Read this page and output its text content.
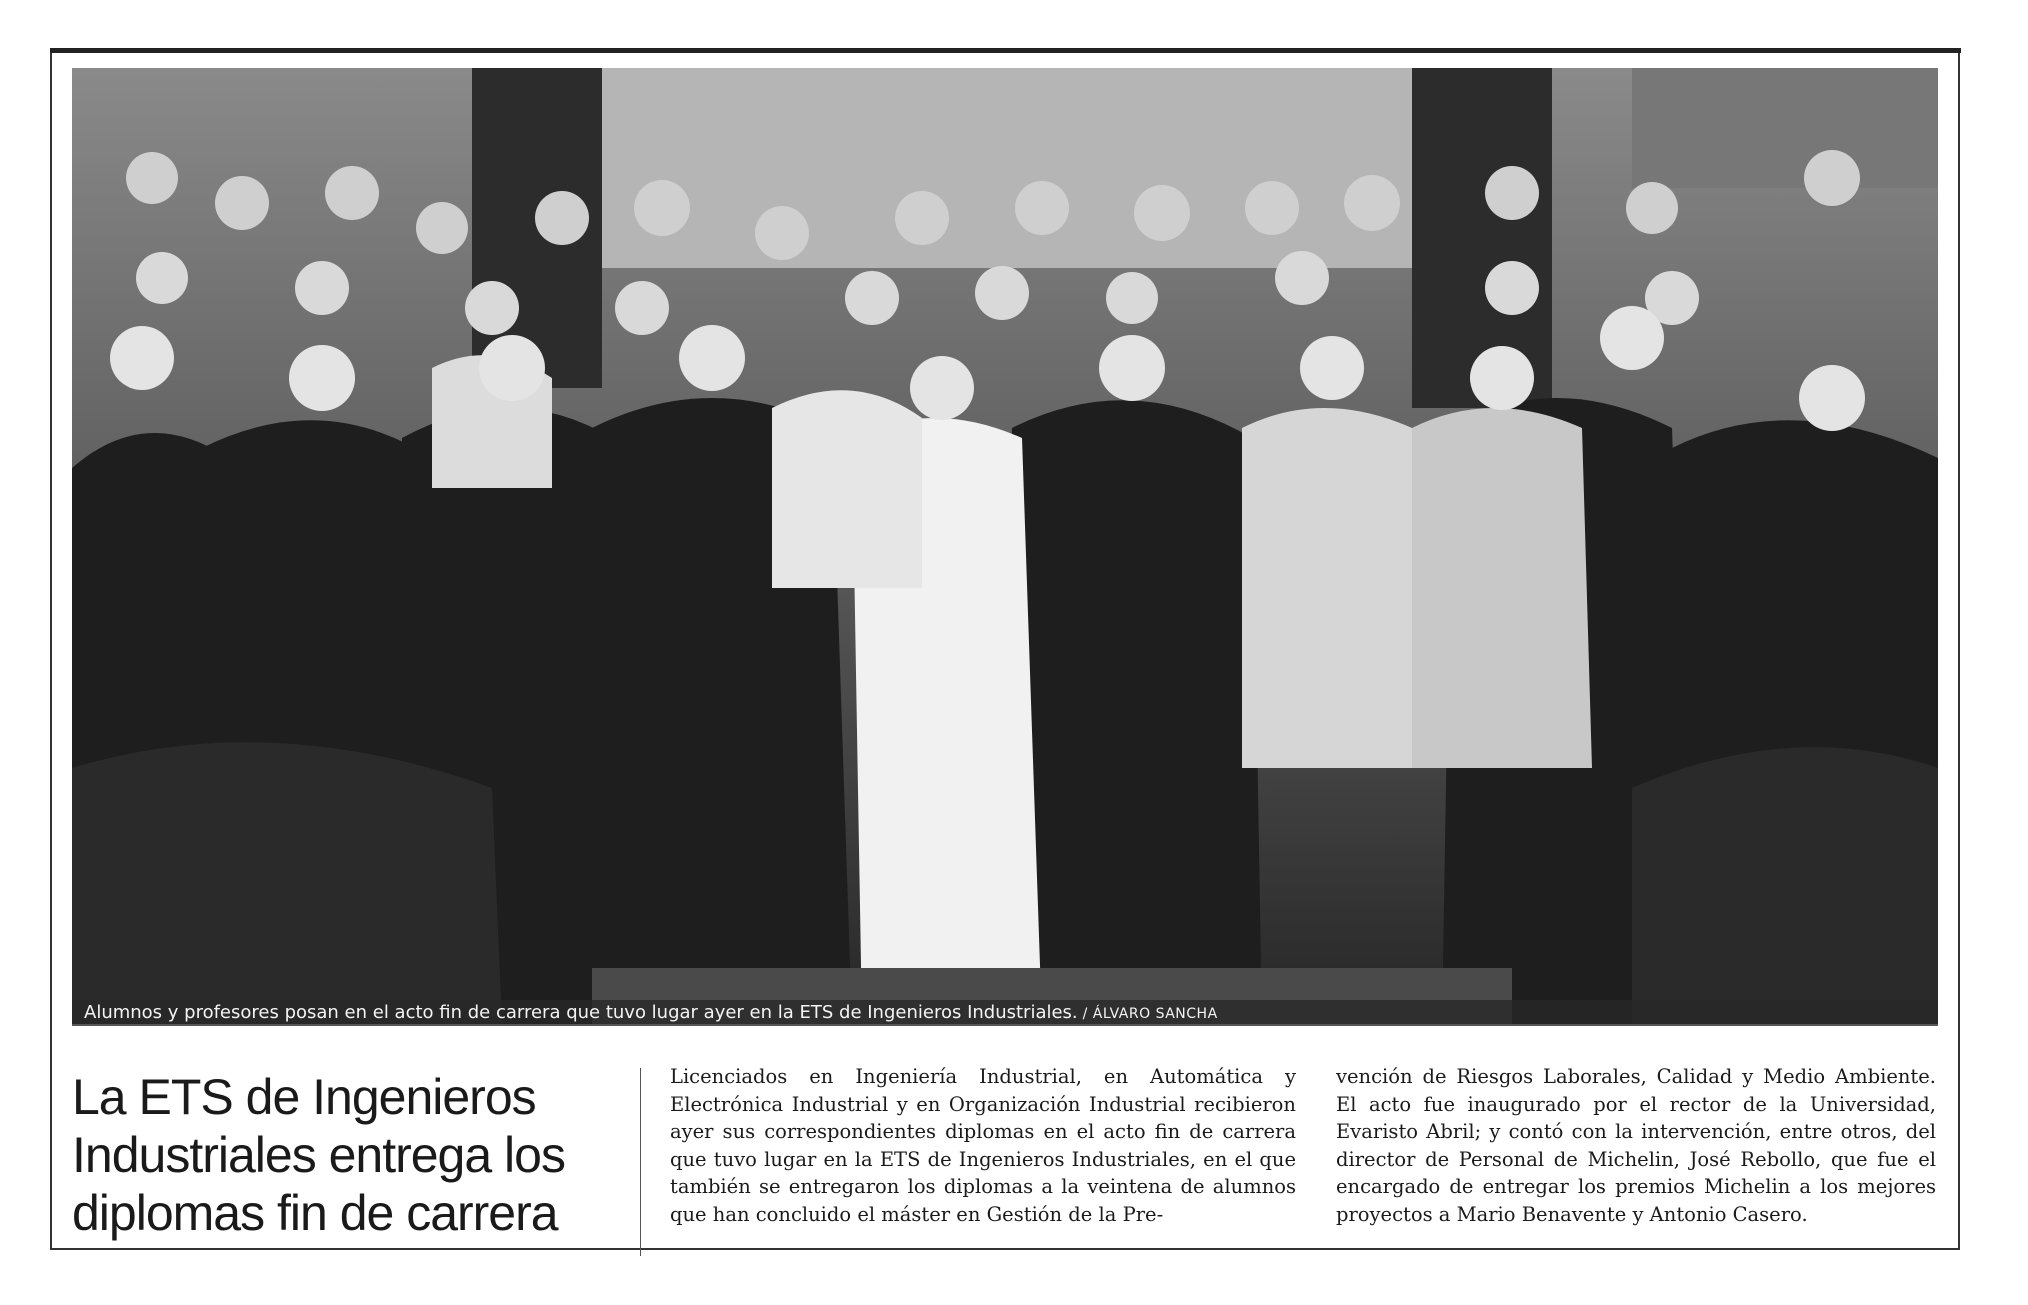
Alumnos y profesores posan en el acto fin de carrera que tuvo lugar ayer en la ETS de Ingenieros Industriales. / ÁLVARO SANCHA
La ETS de Ingenieros Industriales entrega los diplomas fin de carrera
Licenciados en Ingeniería Industrial, en Automática y Electrónica Industrial y en Organización Industrial recibieron ayer sus correspondientes diplomas en el acto fin de carrera que tuvo lugar en la ETS de Ingenieros Industriales, en el que también se entregaron los diplomas a la veintena de alumnos que han concluido el máster en Gestión de la Pre-
vención de Riesgos Laborales, Calidad y Medio Ambiente. El acto fue inaugurado por el rector de la Universidad, Evaristo Abril; y contó con la intervención, entre otros, del director de Personal de Michelin, José Rebollo, que fue el encargado de entregar los premios Michelin a los mejores proyectos a Mario Benavente y Antonio Casero.
